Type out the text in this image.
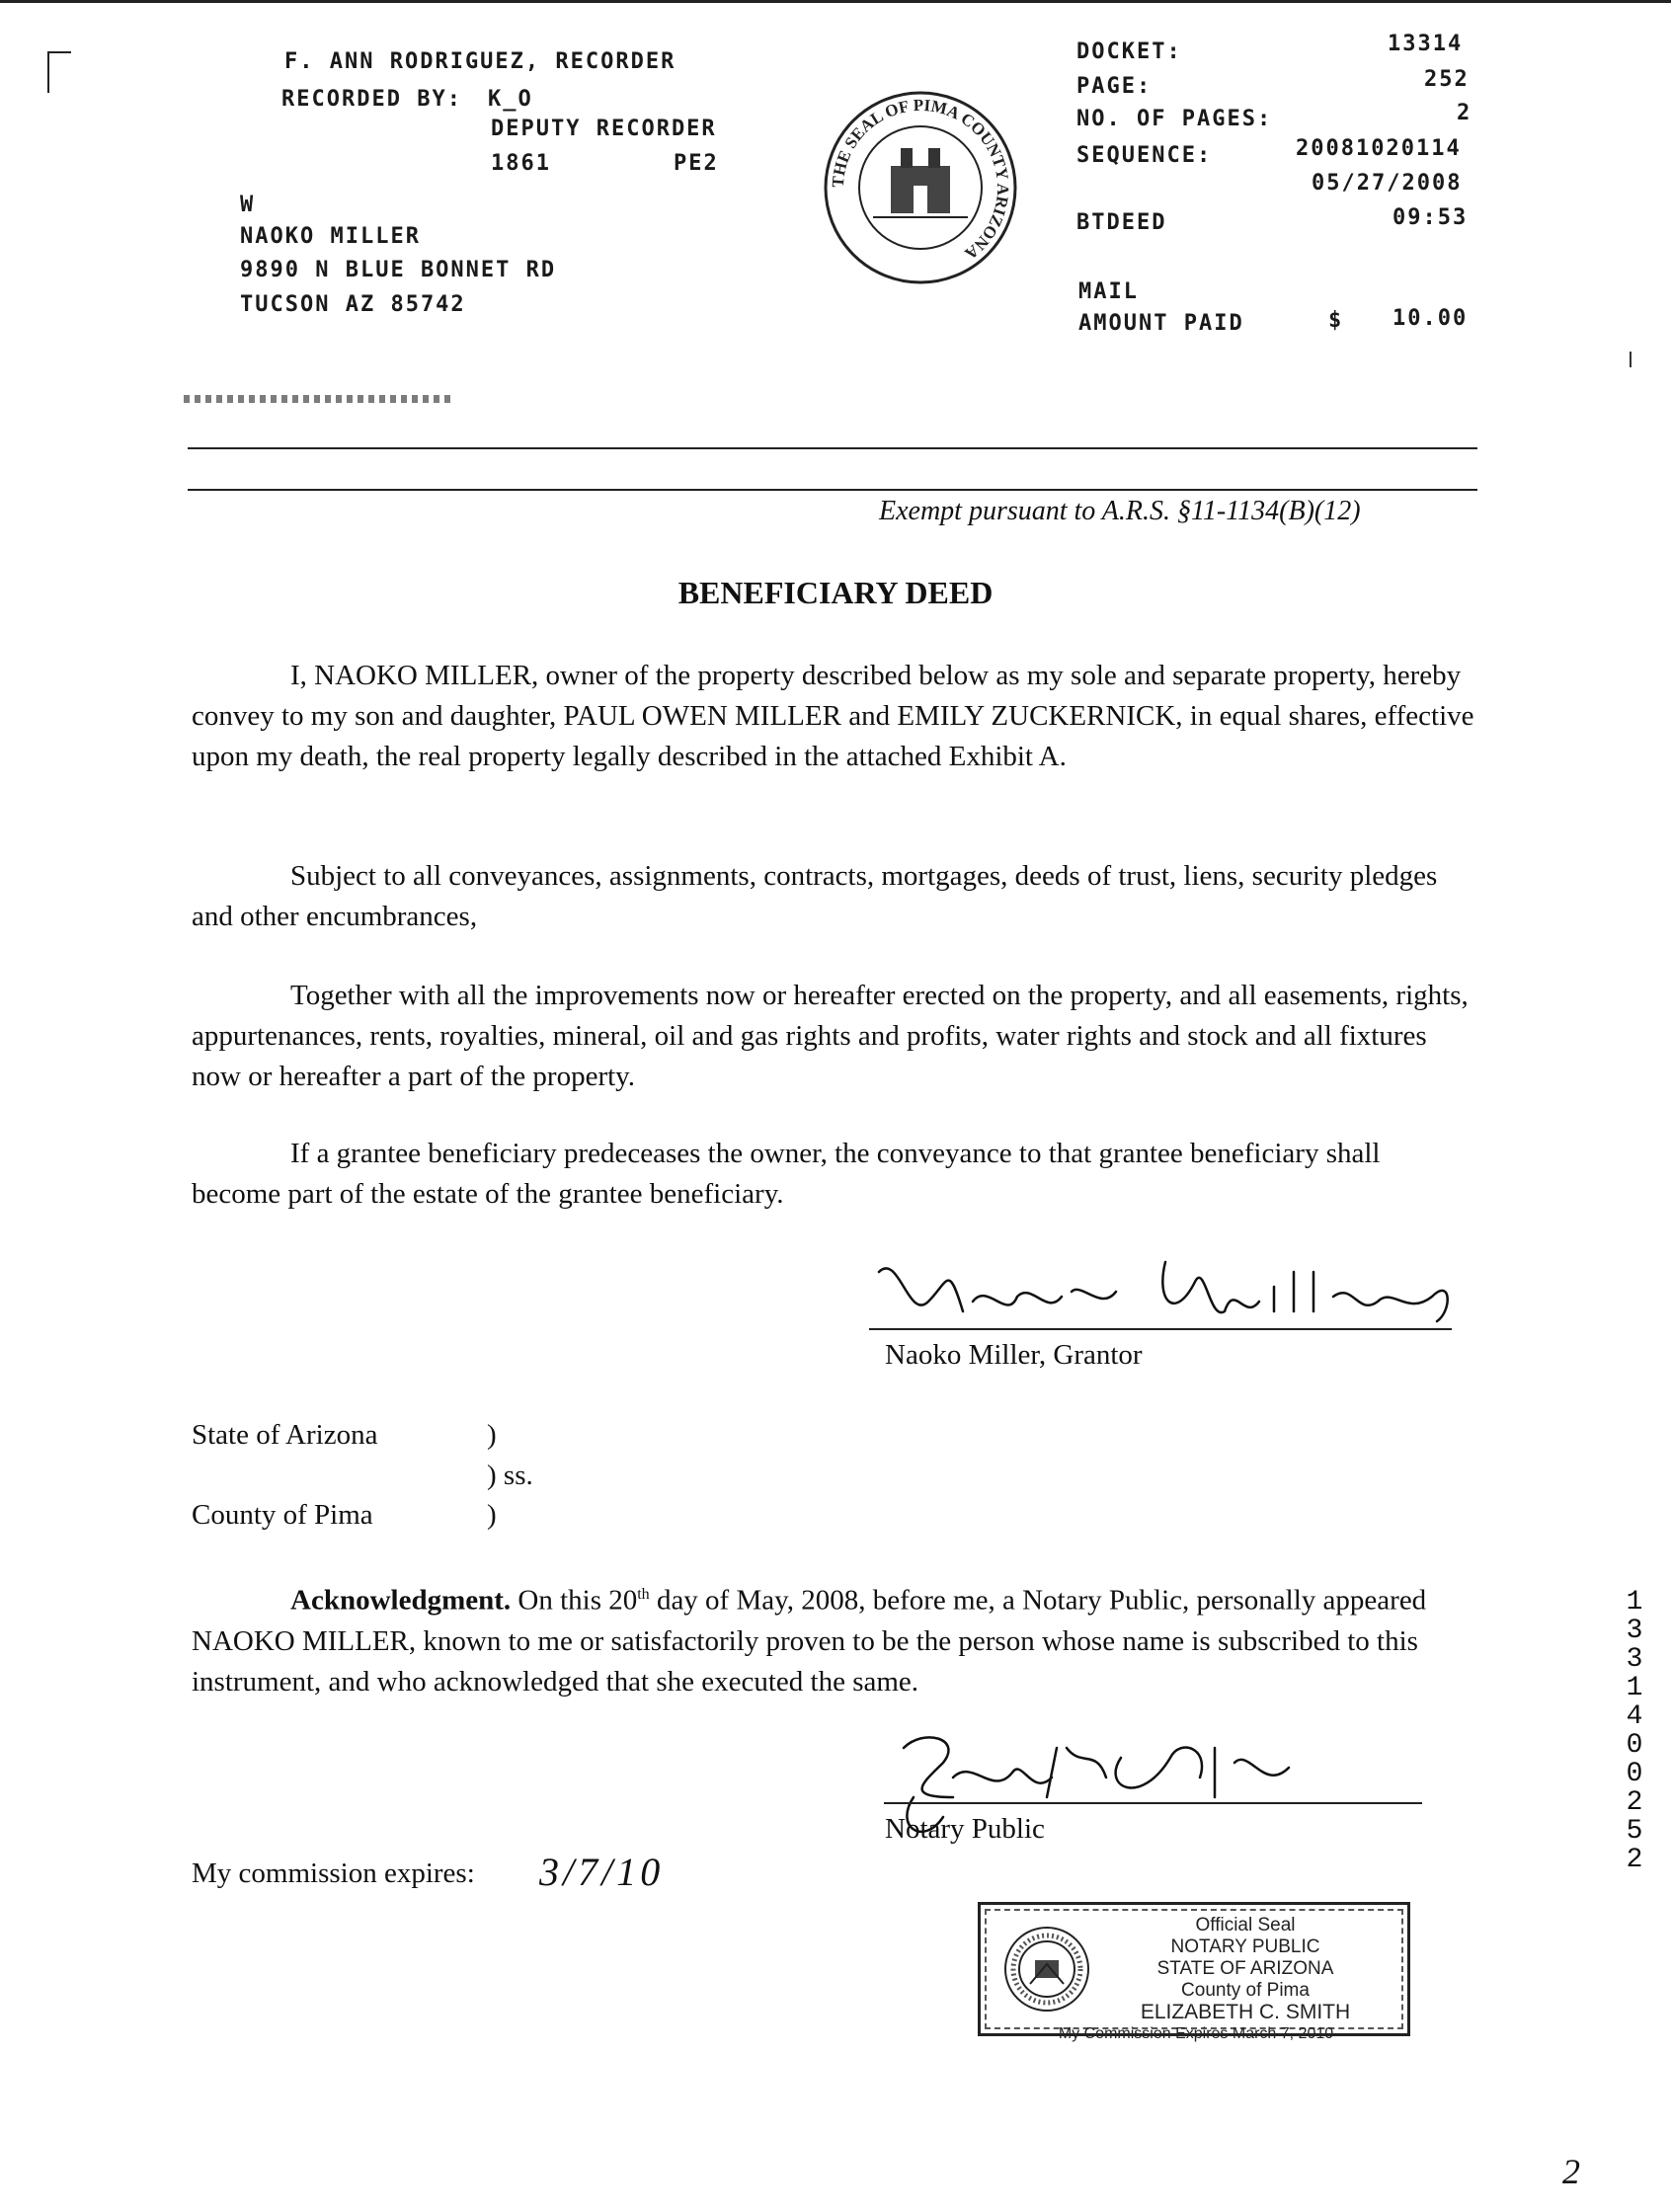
F. ANN RODRIGUEZ, RECORDER
RECORDED BY: K_O
DEPUTY RECORDER
1861	PE2
W
NAOKO MILLER
9890 N BLUE BONNET RD
TUCSON AZ 85742
THE SEAL OF PIMA COUNTY ARIZONA
DOCKET:	13314
PAGE:	252
NO. OF PAGES:	2
SEQUENCE:	20081020114
05/27/2008
BTDEED	09:53
MAIL
AMOUNT PAID	$ 10.00
Exempt pursuant to A.R.S. §11-1134(B)(12)
BENEFICIARY DEED

I, NAOKO MILLER, owner of the property described below as my sole and separate property, hereby convey to my son and daughter, PAUL OWEN MILLER and EMILY ZUCKERNICK, in equal shares, effective upon my death, the real property legally described in the attached Exhibit A.

Subject to all conveyances, assignments, contracts, mortgages, deeds of trust, liens, security pledges and other encumbrances,

Together with all the improvements now or hereafter erected on the property, and all easements, rights, appurtenances, rents, royalties, mineral, oil and gas rights and profits, water rights and stock and all fixtures now or hereafter a part of the property.

If a grantee beneficiary predeceases the owner, the conveyance to that grantee beneficiary shall become part of the estate of the grantee beneficiary.

Naoko Miller, Grantor
State of Arizona	)
) ss.
County of Pima	)

Acknowledgment. On this 20th day of May, 2008, before me, a Notary Public, personally appeared NAOKO MILLER, known to me or satisfactorily proven to be the person whose name is subscribed to this instrument, and who acknowledged that she executed the same.

Notary Public
My commission expires: 3/7/10
Official Seal
NOTARY PUBLIC
STATE OF ARIZONA
County of Pima
ELIZABETH C. SMITH
My Commission Expires March 7, 2010
1
3
3
1
4
0
0
2
5
2
2
